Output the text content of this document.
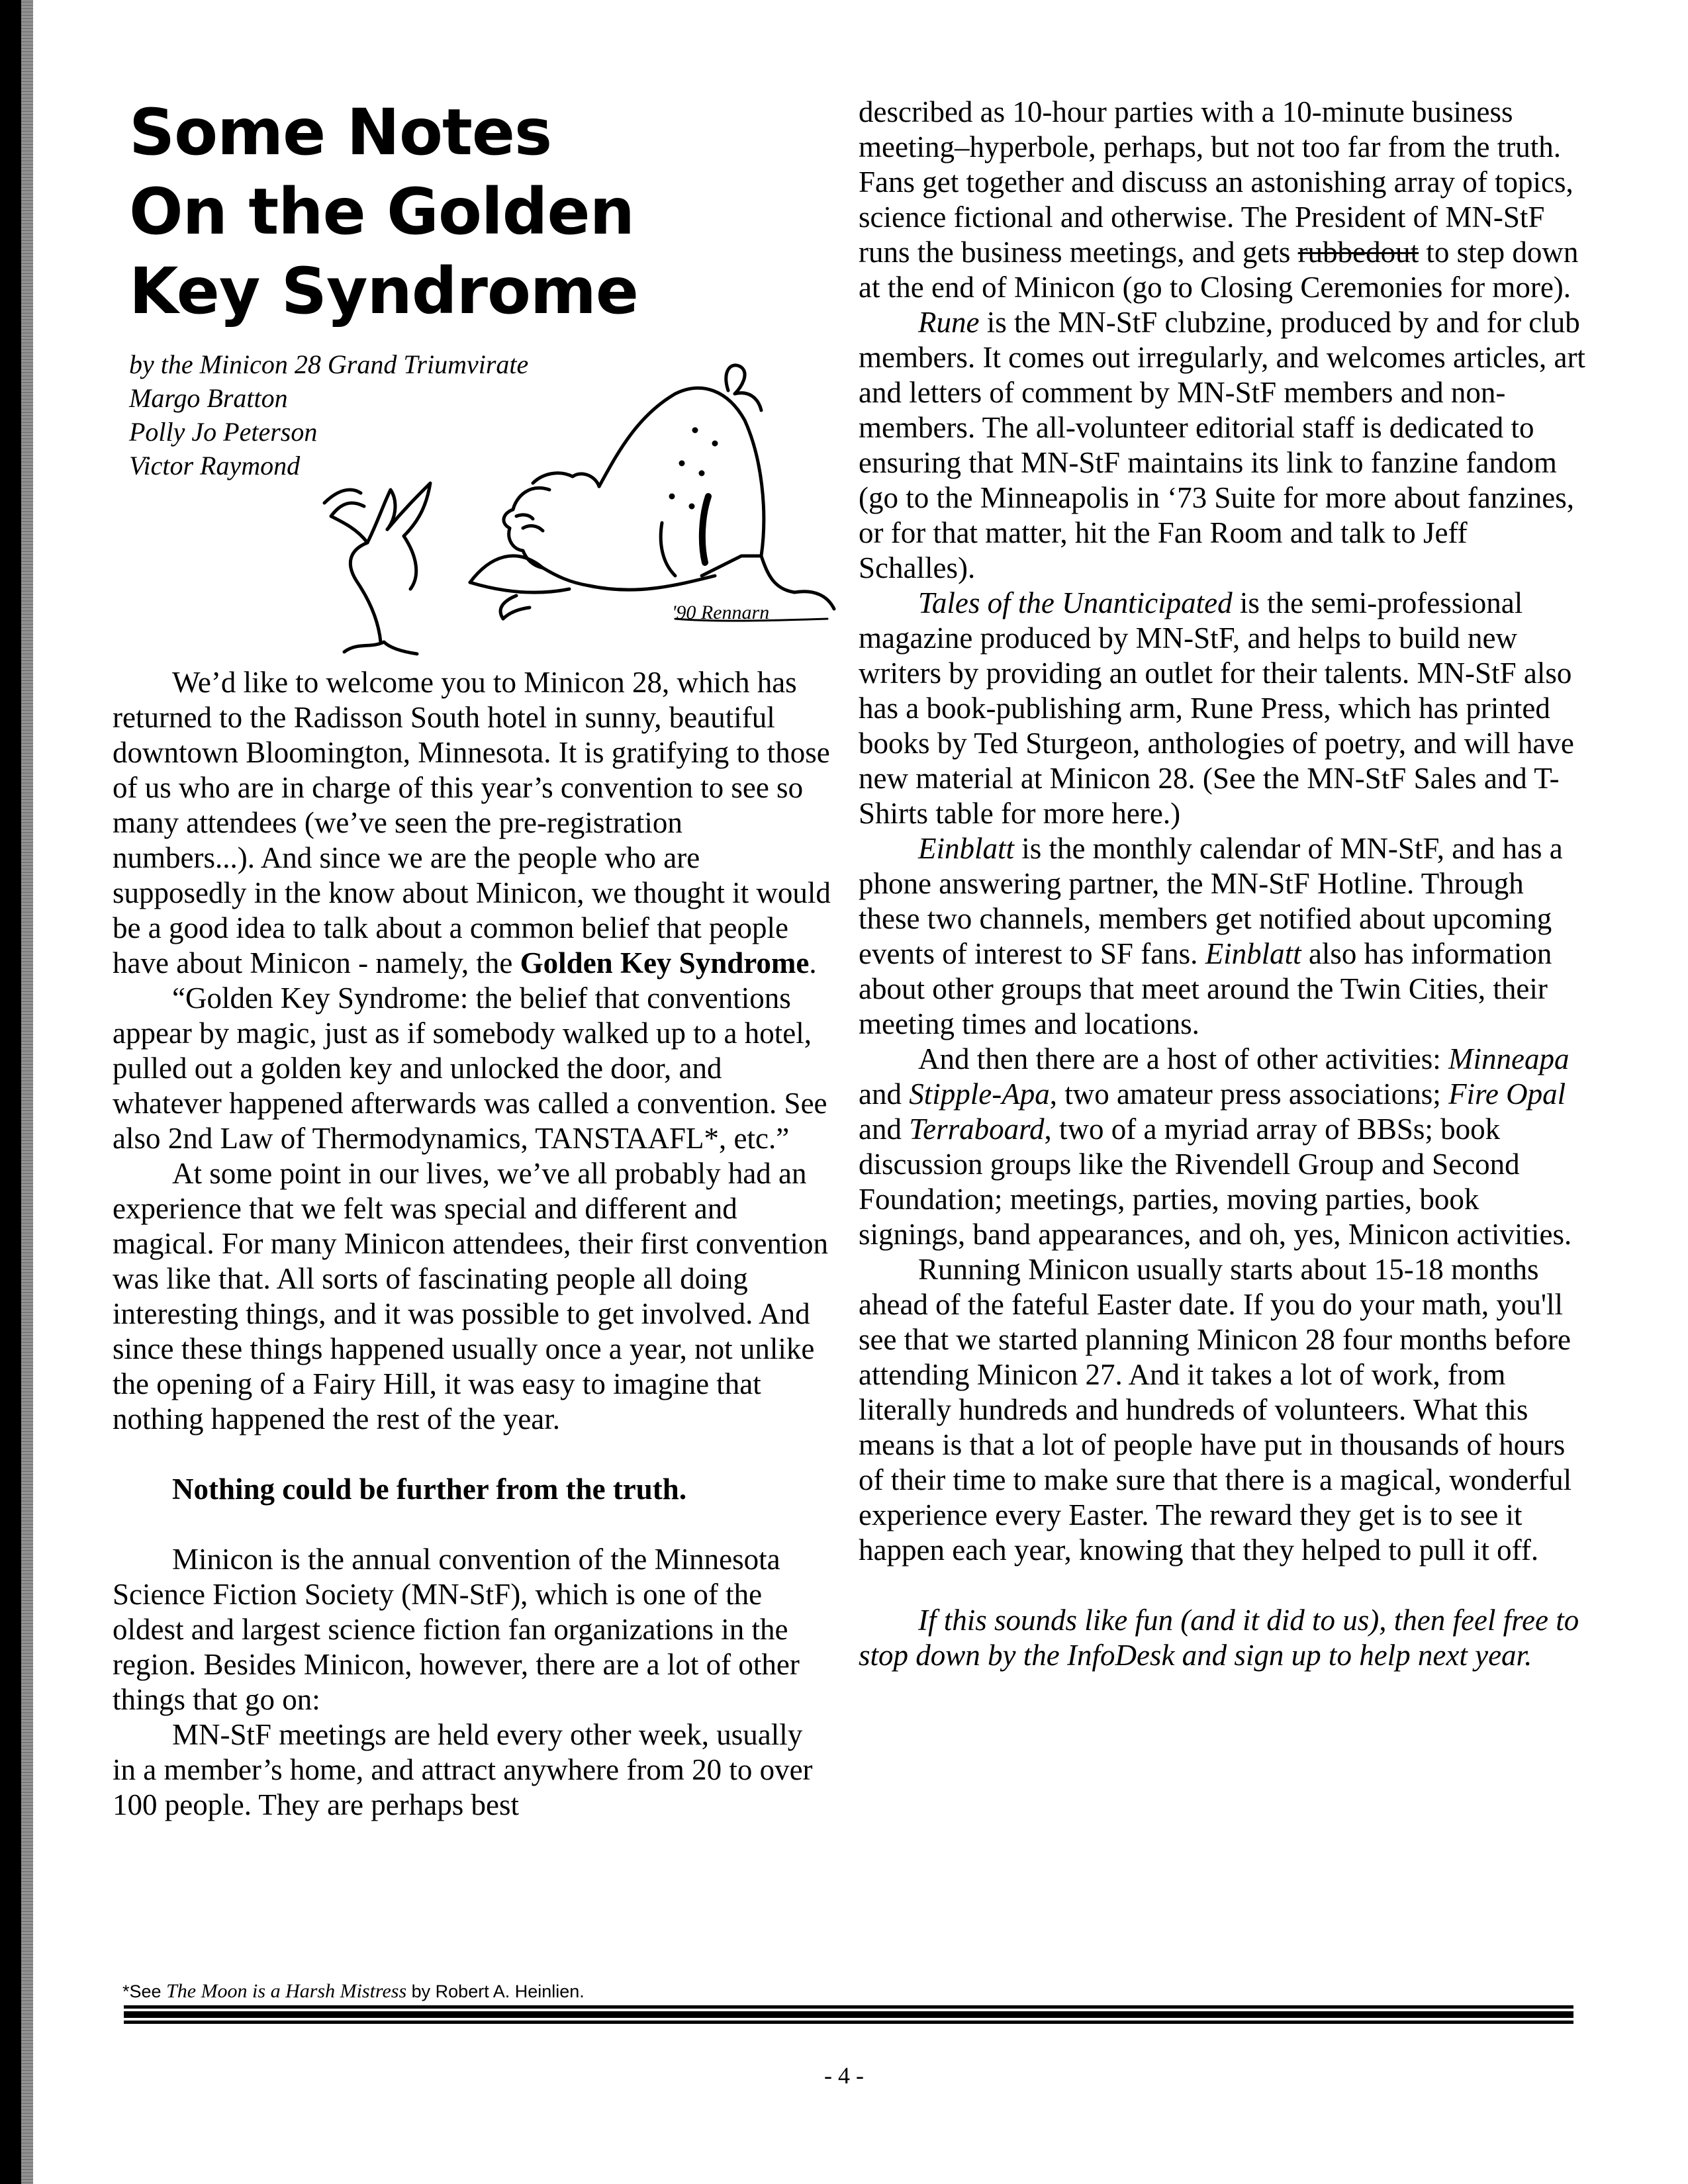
Some Notes
On the Golden
Key Syndrome
by the Minicon 28 Grand Triumvirate
Margo Bratton
Polly Jo Peterson
Victor Raymond
'90 Rennarn

We’d like to welcome you to Minicon 28, which has returned to the Radisson South hotel in sunny, beautiful downtown Bloomington, Minnesota. It is gratifying to those of us who are in charge of this year’s convention to see so many attendees (we’ve seen the pre-registration numbers...). And since we are the people who are supposedly in the know about Minicon, we thought it would be a good idea to talk about a common belief that people have about Minicon - namely, the Golden Key Syndrome.

“Golden Key Syndrome: the belief that conventions appear by magic, just as if somebody walked up to a hotel, pulled out a golden key and unlocked the door, and whatever happened afterwards was called a convention. See also 2nd Law of Thermodynamics, TANSTAAFL*, etc.”

At some point in our lives, we’ve all probably had an experience that we felt was special and different and magical. For many Minicon attendees, their first convention was like that. All sorts of fascinating people all doing interesting things, and it was possible to get involved. And since these things happened usually once a year, not unlike the opening of a Fairy Hill, it was easy to imagine that nothing happened the rest of the year.

Nothing could be further from the truth.

Minicon is the annual convention of the Minnesota Science Fiction Society (MN-StF), which is one of the oldest and largest science fiction fan organizations in the region. Besides Minicon, however, there are a lot of other things that go on:

MN-StF meetings are held every other week, usually in a member’s home, and attract anywhere from 20 to over 100 people. They are perhaps best

described as 10-hour parties with a 10-minute business meeting–hyperbole, perhaps, but not too far from the truth. Fans get together and discuss an astonishing array of topics, science fictional and otherwise. The President of MN-StF runs the business meetings, and gets rubbedout to step down at the end of Minicon (go to Closing Ceremonies for more).

Rune is the MN-StF clubzine, produced by and for club members. It comes out irregularly, and welcomes articles, art and letters of comment by MN-StF members and non-members. The all-volunteer editorial staff is dedicated to ensuring that MN-StF maintains its link to fanzine fandom (go to the Minneapolis in ‘73 Suite for more about fanzines, or for that matter, hit the Fan Room and talk to Jeff Schalles).

Tales of the Unanticipated is the semi-professional magazine produced by MN-StF, and helps to build new writers by providing an outlet for their talents. MN-StF also has a book-publishing arm, Rune Press, which has printed books by Ted Sturgeon, anthologies of poetry, and will have new material at Minicon 28. (See the MN-StF Sales and T-Shirts table for more here.)

Einblatt is the monthly calendar of MN-StF, and has a phone answering partner, the MN-StF Hotline. Through these two channels, members get notified about upcoming events of interest to SF fans. Einblatt also has information about other groups that meet around the Twin Cities, their meeting times and locations.

And then there are a host of other activities: Minneapa and Stipple-Apa, two amateur press associations; Fire Opal and Terraboard, two of a myriad array of BBSs; book discussion groups like the Rivendell Group and Second Foundation; meetings, parties, moving parties, book signings, band appearances, and oh, yes, Minicon activities.

Running Minicon usually starts about 15-18 months ahead of the fateful Easter date. If you do your math, you'll see that we started planning Minicon 28 four months before attending Minicon 27. And it takes a lot of work, from literally hundreds and hundreds of volunteers. What this means is that a lot of people have put in thousands of hours of their time to make sure that there is a magical, wonderful experience every Easter. The reward they get is to see it happen each year, knowing that they helped to pull it off.

If this sounds like fun (and it did to us), then feel free to stop down by the InfoDesk and sign up to help next year.

*See The Moon is a Harsh Mistress by Robert A. Heinlien.
- 4 -
